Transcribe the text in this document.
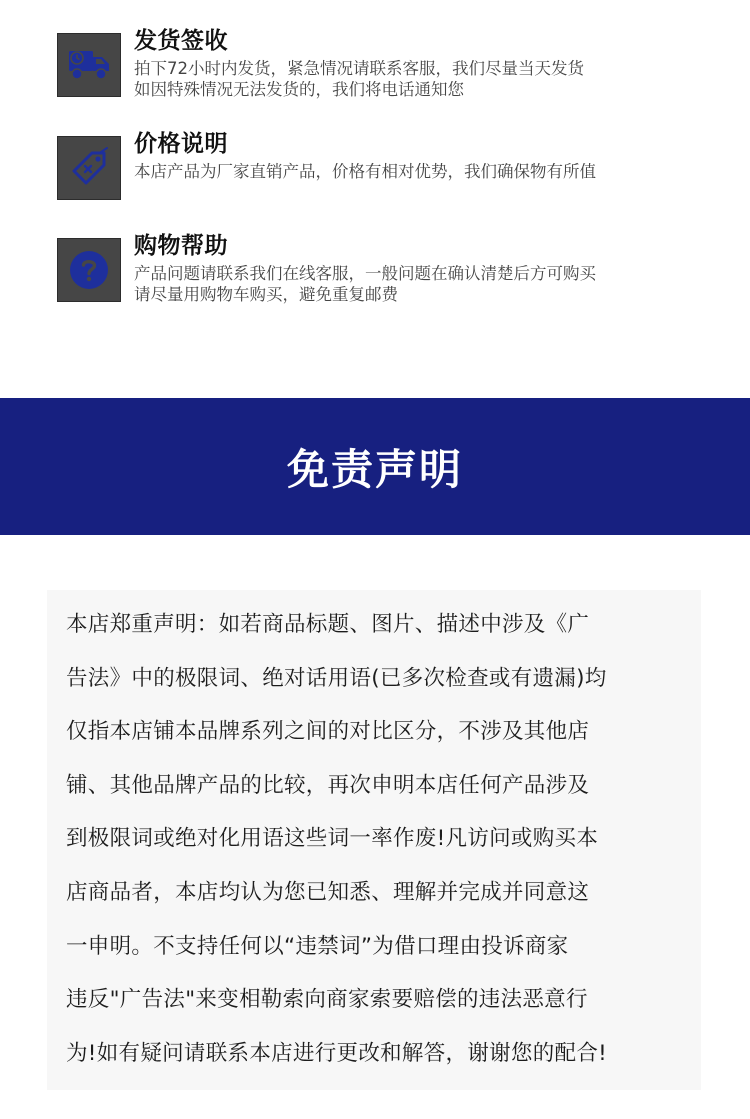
发货签收
拍下72小时内发货，紧急情况请联系客服，我们尽量当天发货
如因特殊情况无法发货的，我们将电话通知您
价格说明
本店产品为厂家直销产品，价格有相对优势，我们确保物有所值
购物帮助
产品问题请联系我们在线客服，一般问题在确认清楚后方可购买
请尽量用购物车购买，避免重复邮费
免责声明
本店郑重声明：如若商品标题、图片、描述中涉及《广
告法》中的极限词、绝对话用语(已多次检查或有遗漏)均
仅指本店铺本品牌系列之间的对比区分，不涉及其他店
铺、其他品牌产品的比较，再次申明本店任何产品涉及
到极限词或绝对化用语这些词一率作废!凡访问或购买本
店商品者，本店均认为您已知悉、理解并完成并同意这
一申明。不支持任何以“违禁词”为借口理由投诉商家
违反"广告法"来变相勒索向商家索要赔偿的违法恶意行
为!如有疑问请联系本店进行更改和解答，谢谢您的配合!
